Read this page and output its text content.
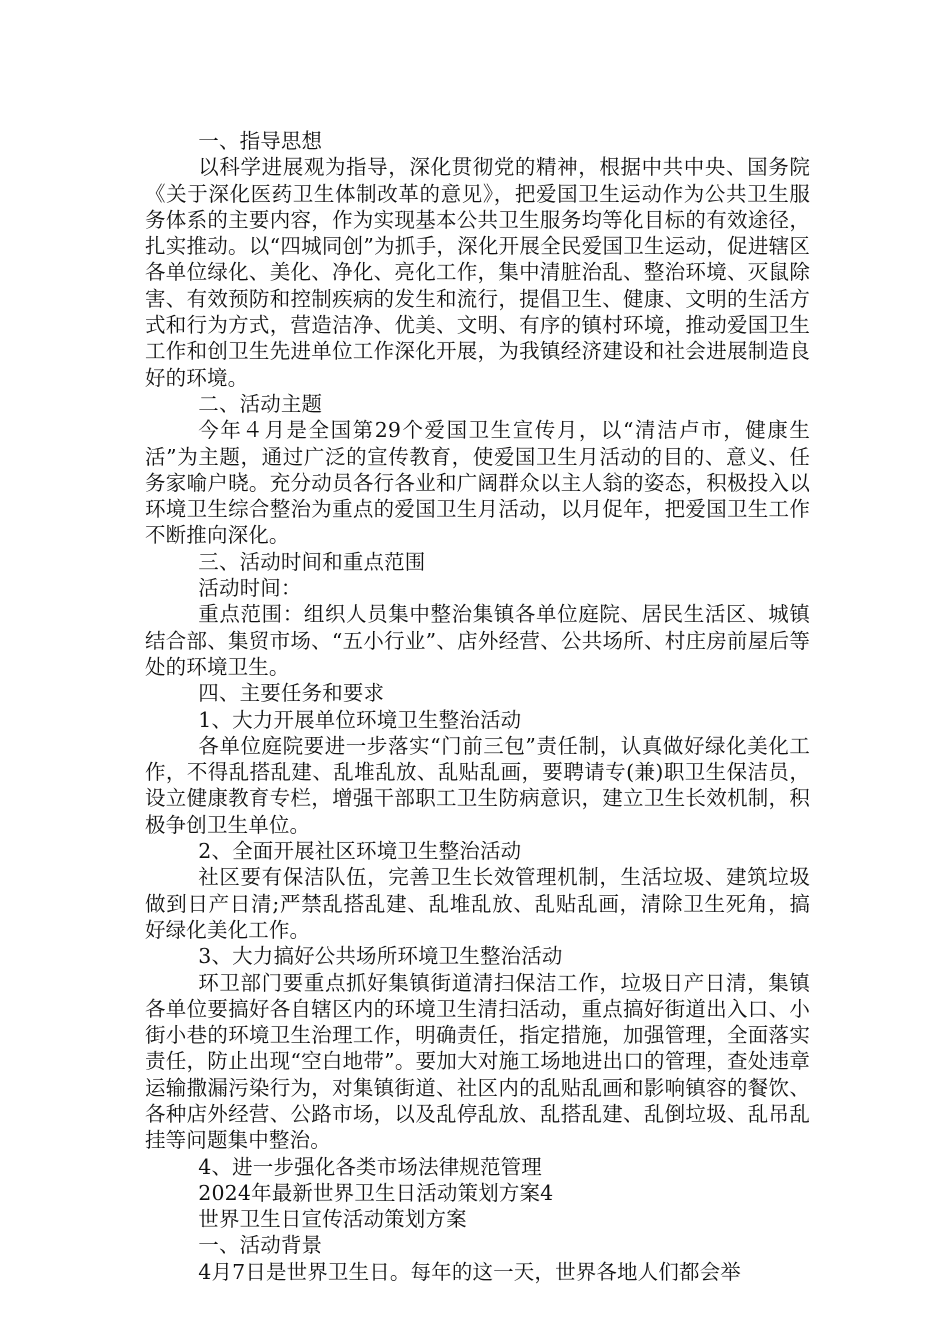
一、指导思想

以科学进展观为指导，深化贯彻党的精神，根据中共中央、国务院《关于深化医药卫生体制改革的意见》，把爱国卫生运动作为公共卫生服务体系的主要内容，作为实现基本公共卫生服务均等化目标的有效途径，扎实推动。以“四城同创”为抓手，深化开展全民爱国卫生运动，促进辖区各单位绿化、美化、净化、亮化工作，集中清脏治乱、整治环境、灭鼠除害、有效预防和控制疾病的发生和流行，提倡卫生、健康、文明的生活方式和行为方式，营造洁净、优美、文明、有序的镇村环境，推动爱国卫生工作和创卫生先进单位工作深化开展，为我镇经济建设和社会进展制造良好的环境。

二、活动主题

今年４月是全国第29个爱国卫生宣传月，以“清洁卢市，健康生活”为主题，通过广泛的宣传教育，使爱国卫生月活动的目的、意义、任务家喻户晓。充分动员各行各业和广阔群众以主人翁的姿态，积极投入以环境卫生综合整治为重点的爱国卫生月活动，以月促年，把爱国卫生工作不断推向深化。

三、活动时间和重点范围

活动时间：

重点范围：组织人员集中整治集镇各单位庭院、居民生活区、城镇结合部、集贸市场、“五小行业”、店外经营、公共场所、村庄房前屋后等处的环境卫生。

四、主要任务和要求

1、大力开展单位环境卫生整治活动

各单位庭院要进一步落实“门前三包”责任制，认真做好绿化美化工作，不得乱搭乱建、乱堆乱放、乱贴乱画，要聘请专(兼)职卫生保洁员，设立健康教育专栏，增强干部职工卫生防病意识，建立卫生长效机制，积极争创卫生单位。

2、全面开展社区环境卫生整治活动

社区要有保洁队伍，完善卫生长效管理机制，生活垃圾、建筑垃圾做到日产日清;严禁乱搭乱建、乱堆乱放、乱贴乱画，清除卫生死角，搞好绿化美化工作。

3、大力搞好公共场所环境卫生整治活动

环卫部门要重点抓好集镇街道清扫保洁工作，垃圾日产日清，集镇各单位要搞好各自辖区内的环境卫生清扫活动，重点搞好街道出入口、小街小巷的环境卫生治理工作，明确责任，指定措施，加强管理，全面落实责任，防止出现“空白地带”。要加大对施工场地进出口的管理，查处违章运输撒漏污染行为，对集镇街道、社区内的乱贴乱画和影响镇容的餐饮、各种店外经营、公路市场，以及乱停乱放、乱搭乱建、乱倒垃圾、乱吊乱挂等问题集中整治。

4、进一步强化各类市场法律规范管理

2024年最新世界卫生日活动策划方案4

世界卫生日宣传活动策划方案

一、活动背景

4月7日是世界卫生日。每年的这一天，世界各地人们都会举
